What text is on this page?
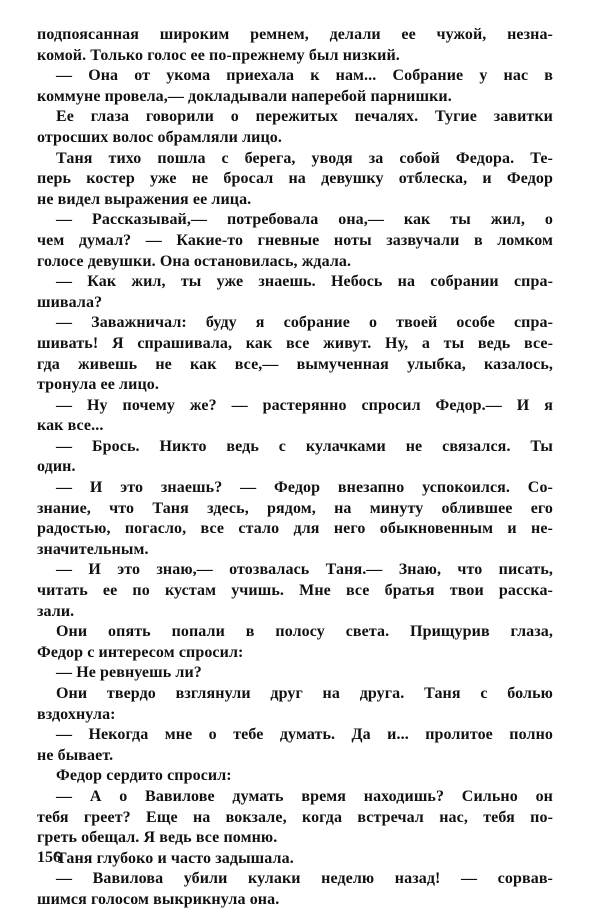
подпоясанная широким ремнем, делали ее чужой, незна-
комой. Только голос ее по-прежнему был низкий.
— Она от укома приехала к нам... Собрание у нас в
коммуне провела,— докладывали наперебой парнишки.
Ее глаза говорили о пережитых печалях. Тугие завитки
отросших волос обрамляли лицо.
Таня тихо пошла с берега, уводя за собой Федора. Те-
перь костер уже не бросал на девушку отблеска, и Федор
не видел выражения ее лица.
— Рассказывай,— потребовала она,— как ты жил, о
чем думал? — Какие-то гневные ноты зазвучали в ломком
голосе девушки. Она остановилась, ждала.
— Как жил, ты уже знаешь. Небось на собрании спра-
шивала?
— Заважничал: буду я собрание о твоей особе спра-
шивать! Я спрашивала, как все живут. Ну, а ты ведь все-
гда живешь не как все,— вымученная улыбка, казалось,
тронула ее лицо.
— Ну почему же? — растерянно спросил Федор.— И я
как все...
— Брось. Никто ведь с кулачками не связался. Ты
один.
— И это знаешь? — Федор внезапно успокоился. Со-
знание, что Таня здесь, рядом, на минуту облившее его
радостью, погасло, все стало для него обыкновенным и не-
значительным.
— И это знаю,— отозвалась Таня.— Знаю, что писать,
читать ее по кустам учишь. Мне все братья твои расска-
зали.
Они опять попали в полосу света. Прищурив глаза,
Федор с интересом спросил:
— Не ревнуешь ли?
Они твердо взглянули друг на друга. Таня с болью
вздохнула:
— Некогда мне о тебе думать. Да и... пролитое полно
не бывает.
Федор сердито спросил:
— А о Вавилове думать время находишь? Сильно он
тебя греет? Еще на вокзале, когда встречал нас, тебя по-
греть обещал. Я ведь все помню.
Таня глубоко и часто задышала.
— Вавилова убили кулаки неделю назад! — сорвав-
шимся голосом выкрикнула она.
156
